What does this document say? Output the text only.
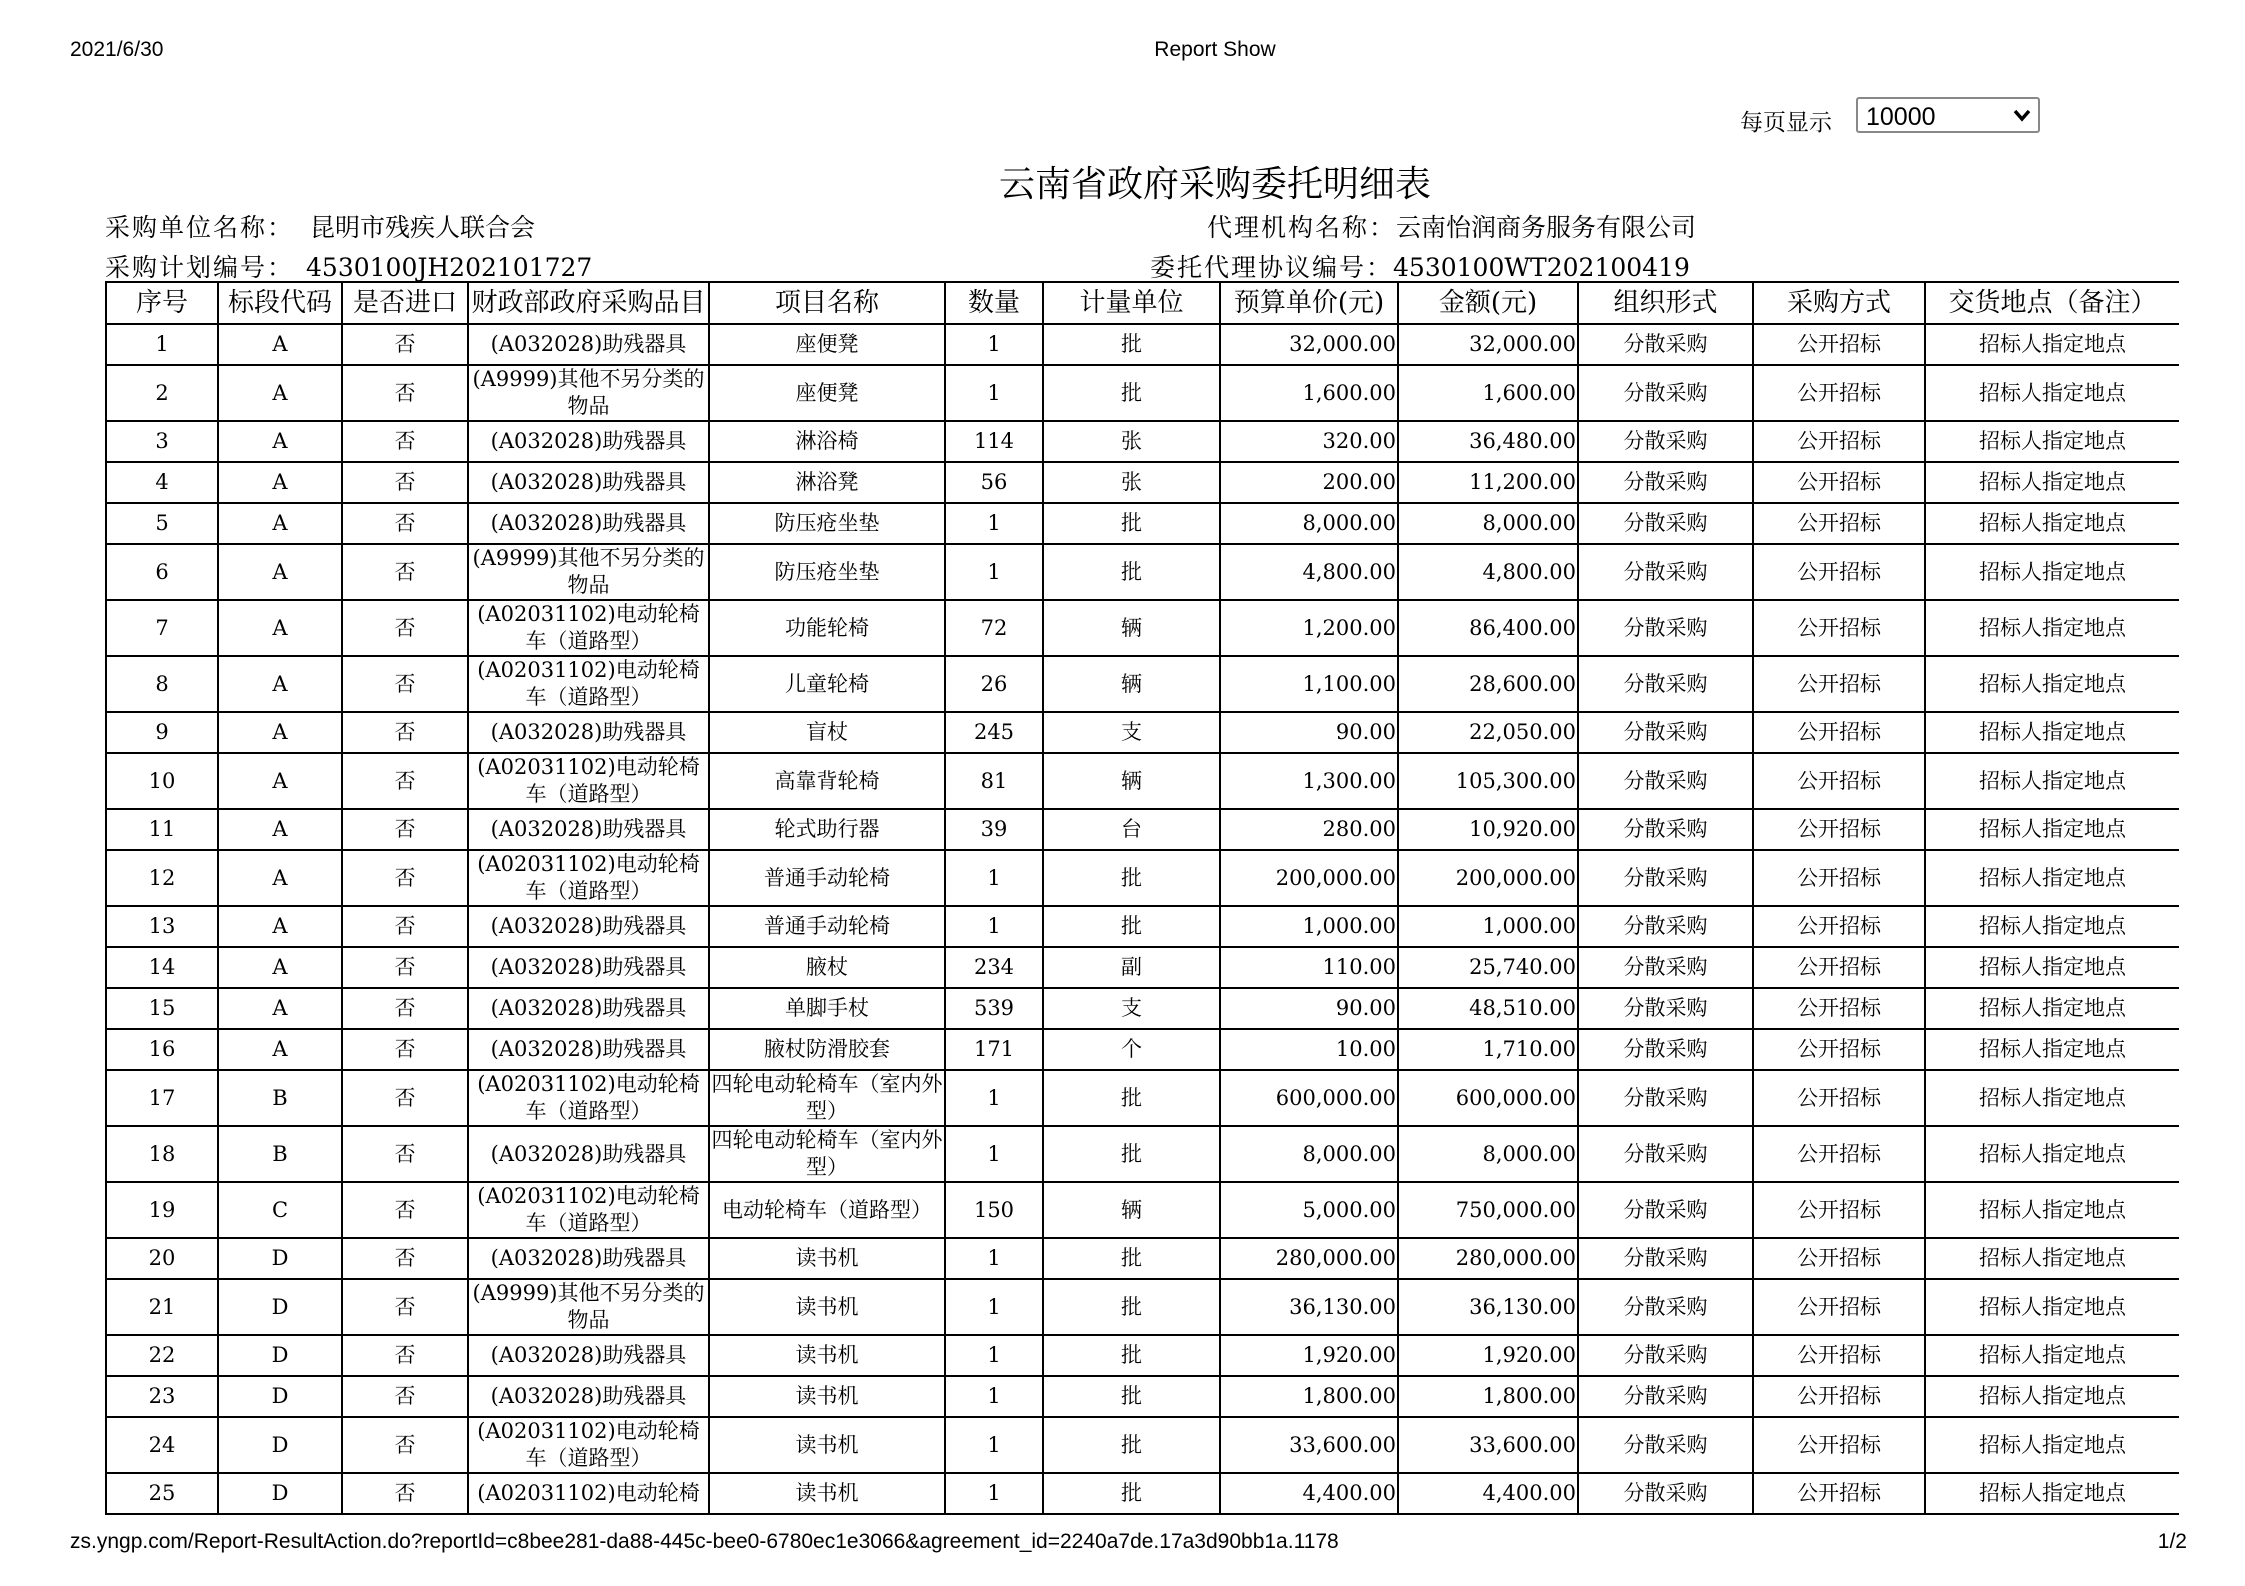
2021/6/30	Report Show
每页显示 10000
云南省政府采购委托明细表
采购单位名称： 昆明市残疾人联合会	代理机构名称：云南怡润商务服务有限公司
采购计划编号： 4530100JH202101727	委托代理协议编号：4530100WT202100419
序号	标段代码	是否进口	财政部政府采购品目	项目名称	数量	计量单位	预算单价(元)	金额(元)	组织形式	采购方式	交货地点（备注）
1	A	否	(A032028)助残器具	座便凳	1	批	32,000.00	32,000.00	分散采购	公开招标	招标人指定地点
2	A	否	(A9999)其他不另分类的物品	座便凳	1	批	1,600.00	1,600.00	分散采购	公开招标	招标人指定地点
3	A	否	(A032028)助残器具	淋浴椅	114	张	320.00	36,480.00	分散采购	公开招标	招标人指定地点
4	A	否	(A032028)助残器具	淋浴凳	56	张	200.00	11,200.00	分散采购	公开招标	招标人指定地点
5	A	否	(A032028)助残器具	防压疮坐垫	1	批	8,000.00	8,000.00	分散采购	公开招标	招标人指定地点
6	A	否	(A9999)其他不另分类的物品	防压疮坐垫	1	批	4,800.00	4,800.00	分散采购	公开招标	招标人指定地点
7	A	否	(A02031102)电动轮椅车（道路型）	功能轮椅	72	辆	1,200.00	86,400.00	分散采购	公开招标	招标人指定地点
8	A	否	(A02031102)电动轮椅车（道路型）	儿童轮椅	26	辆	1,100.00	28,600.00	分散采购	公开招标	招标人指定地点
9	A	否	(A032028)助残器具	盲杖	245	支	90.00	22,050.00	分散采购	公开招标	招标人指定地点
10	A	否	(A02031102)电动轮椅车（道路型）	高靠背轮椅	81	辆	1,300.00	105,300.00	分散采购	公开招标	招标人指定地点
11	A	否	(A032028)助残器具	轮式助行器	39	台	280.00	10,920.00	分散采购	公开招标	招标人指定地点
12	A	否	(A02031102)电动轮椅车（道路型）	普通手动轮椅	1	批	200,000.00	200,000.00	分散采购	公开招标	招标人指定地点
13	A	否	(A032028)助残器具	普通手动轮椅	1	批	1,000.00	1,000.00	分散采购	公开招标	招标人指定地点
14	A	否	(A032028)助残器具	腋杖	234	副	110.00	25,740.00	分散采购	公开招标	招标人指定地点
15	A	否	(A032028)助残器具	单脚手杖	539	支	90.00	48,510.00	分散采购	公开招标	招标人指定地点
16	A	否	(A032028)助残器具	腋杖防滑胶套	171	个	10.00	1,710.00	分散采购	公开招标	招标人指定地点
17	B	否	(A02031102)电动轮椅车（道路型）	四轮电动轮椅车（室内外型）	1	批	600,000.00	600,000.00	分散采购	公开招标	招标人指定地点
18	B	否	(A032028)助残器具	四轮电动轮椅车（室内外型）	1	批	8,000.00	8,000.00	分散采购	公开招标	招标人指定地点
19	C	否	(A02031102)电动轮椅车（道路型）	电动轮椅车（道路型）	150	辆	5,000.00	750,000.00	分散采购	公开招标	招标人指定地点
20	D	否	(A032028)助残器具	读书机	1	批	280,000.00	280,000.00	分散采购	公开招标	招标人指定地点
21	D	否	(A9999)其他不另分类的物品	读书机	1	批	36,130.00	36,130.00	分散采购	公开招标	招标人指定地点
22	D	否	(A032028)助残器具	读书机	1	批	1,920.00	1,920.00	分散采购	公开招标	招标人指定地点
23	D	否	(A032028)助残器具	读书机	1	批	1,800.00	1,800.00	分散采购	公开招标	招标人指定地点
24	D	否	(A02031102)电动轮椅车（道路型）	读书机	1	批	33,600.00	33,600.00	分散采购	公开招标	招标人指定地点
25	D	否	(A02031102)电动轮椅	读书机	1	批	4,400.00	4,400.00	分散采购	公开招标	招标人指定地点
zs.yngp.com/Report-ResultAction.do?reportId=c8bee281-da88-445c-bee0-6780ec1e3066&agreement_id=2240a7de.17a3d90bb1a.1178	1/2
